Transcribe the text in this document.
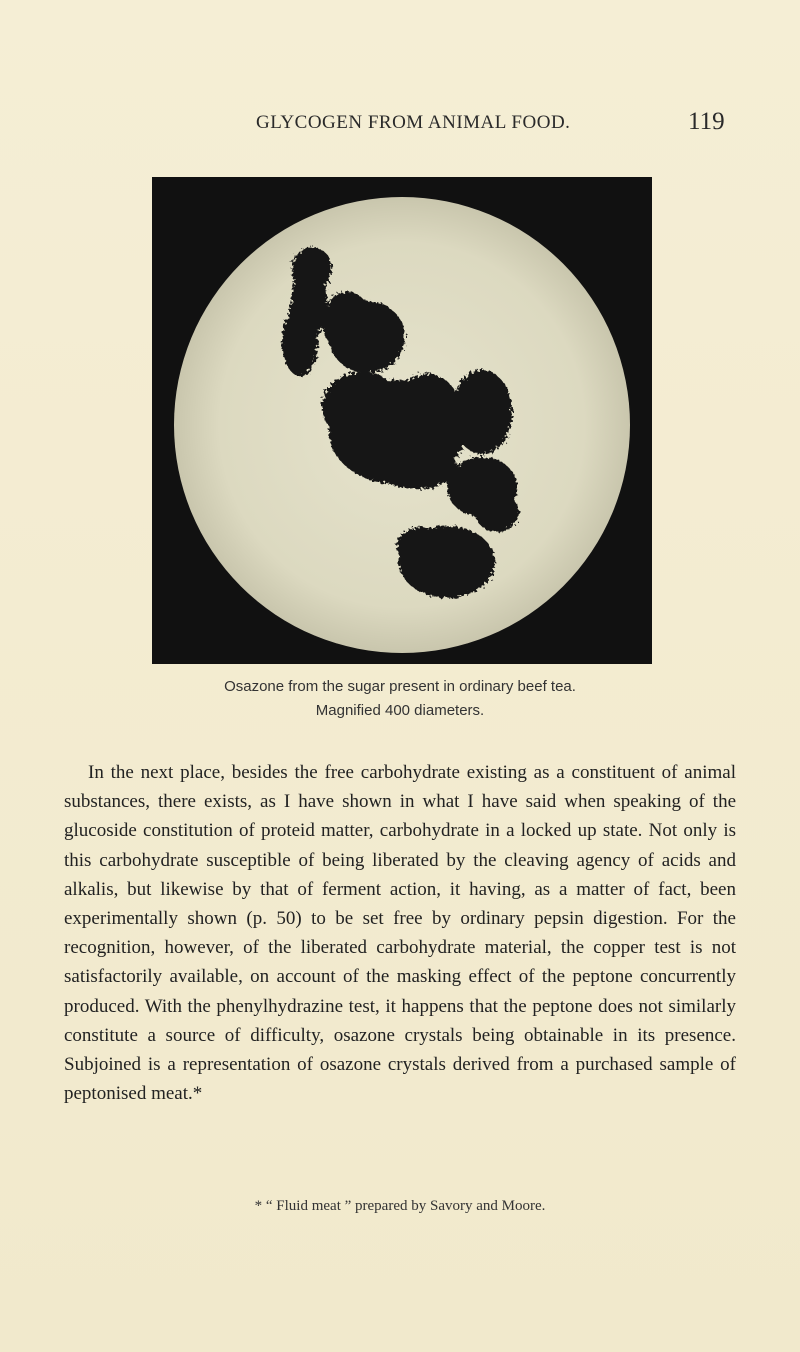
GLYCOGEN FROM ANIMAL FOOD.	119
Osazone from the sugar present in ordinary beef tea.
Magnified 400 diameters.
In the next place, besides the free carbohydrate existing as a constituent of animal substances, there exists, as I have shown in what I have said when speaking of the glucoside constitution of proteid matter, carbohydrate in a locked up state. Not only is this carbohydrate susceptible of being liberated by the cleaving agency of acids and alkalis, but likewise by that of ferment action, it having, as a matter of fact, been experimentally shown (p. 50) to be set free by ordinary pepsin digestion. For the recognition, however, of the liberated carbohydrate material, the copper test is not satisfactorily available, on account of the masking effect of the peptone concurrently produced. With the phenylhydrazine test, it happens that the peptone does not similarly constitute a source of difficulty, osazone crystals being obtainable in its presence. Subjoined is a representation of osazone crystals derived from a purchased sample of peptonised meat.*
* “ Fluid meat ” prepared by Savory and Moore.
